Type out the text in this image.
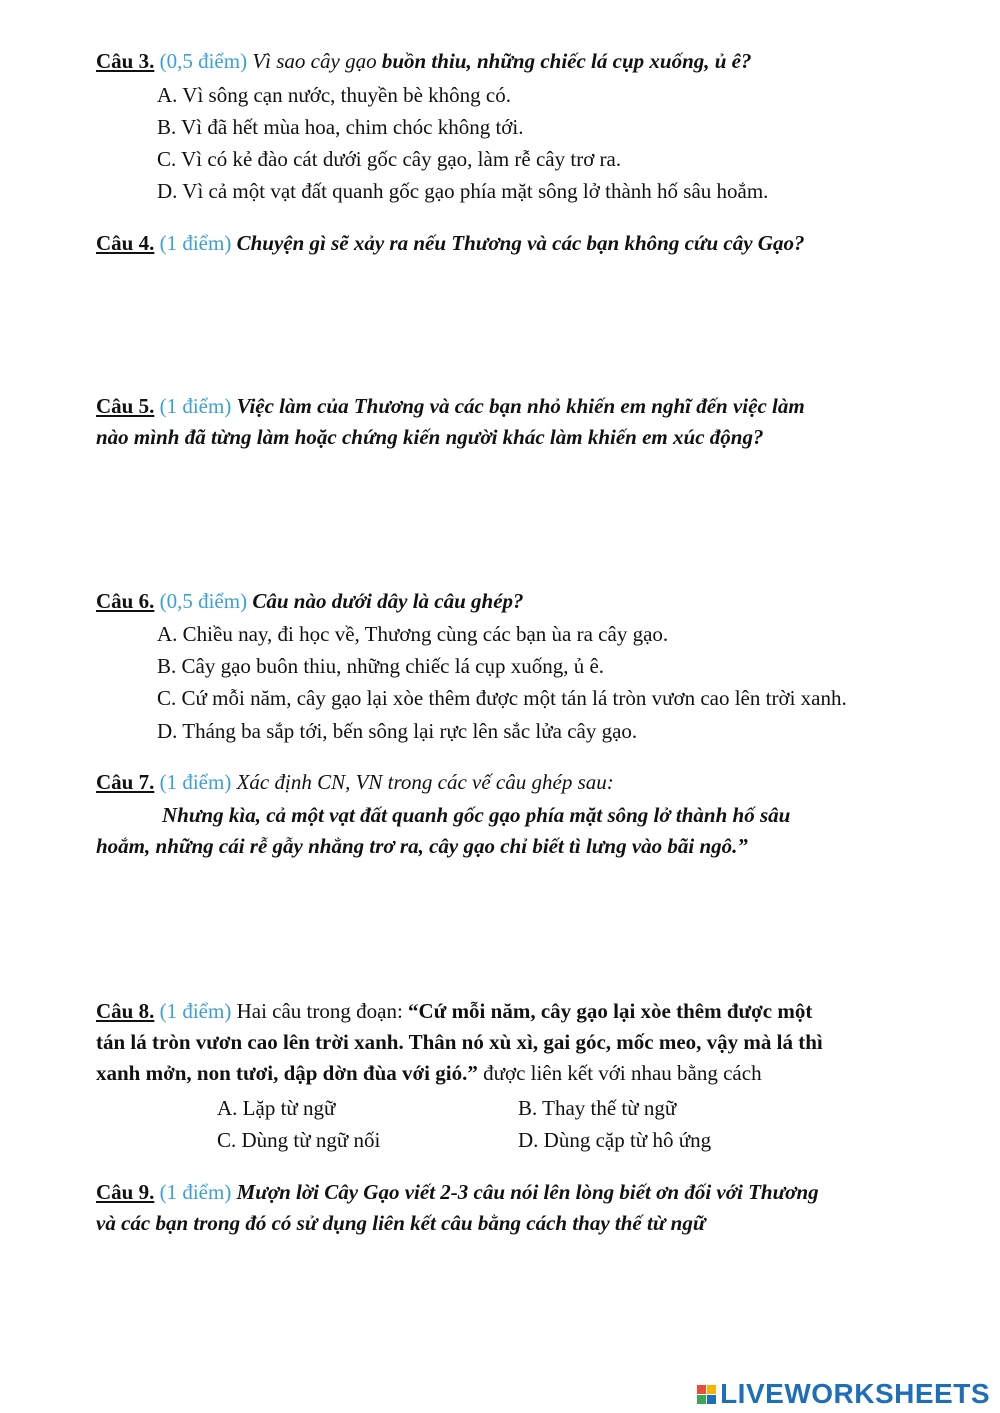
Câu 3. (0,5 điểm) Vì sao cây gạo buồn thiu, những chiếc lá cụp xuống, ủ ê?
A. Vì sông cạn nước, thuyền bè không có.
B. Vì đã hết mùa hoa, chim chóc không tới.
C. Vì có kẻ đào cát dưới gốc cây gạo, làm rễ cây trơ ra.
D. Vì cả một vạt đất quanh gốc gạo phía mặt sông lở thành hố sâu hoắm.
Câu 4. (1 điểm) Chuyện gì sẽ xảy ra nếu Thương và các bạn không cứu cây Gạo?
Câu 5. (1 điểm) Việc làm của Thương và các bạn nhỏ khiến em nghĩ đến việc làm
nào mình đã từng làm hoặc chứng kiến người khác làm khiến em xúc động?
Câu 6. (0,5 điểm) Câu nào dưới dây là câu ghép?
A. Chiều nay, đi học về, Thương cùng các bạn ùa ra cây gạo.
B. Cây gạo buôn thiu, những chiếc lá cụp xuống, ủ ê.
C. Cứ mỗi năm, cây gạo lại xòe thêm được một tán lá tròn vươn cao lên trời xanh.
D. Tháng ba sắp tới, bến sông lại rực lên sắc lửa cây gạo.
Câu 7. (1 điểm) Xác định CN, VN trong các vế câu ghép sau:
Nhưng kìa, cả một vạt đất quanh gốc gạo phía mặt sông lở thành hố sâu
hoắm, những cái rễ gẫy nhẳng trơ ra, cây gạo chỉ biết tì lưng vào bãi ngô.”
Câu 8. (1 điểm) Hai câu trong đoạn: “Cứ mỗi năm, cây gạo lại xòe thêm được một
tán lá tròn vươn cao lên trời xanh. Thân nó xù xì, gai góc, mốc meo, vậy mà lá thì
xanh mởn, non tươi, dập dờn đùa với gió.” được liên kết với nhau bằng cách
A. Lặp từ ngữ	B. Thay thế từ ngữ
C. Dùng từ ngữ nối	D. Dùng cặp từ hô ứng
Câu 9. (1 điểm) Mượn lời Cây Gạo viết 2-3 câu nói lên lòng biết ơn đối với Thương
và các bạn trong đó có sử dụng liên kết câu bằng cách thay thế từ ngữ
LIVEWORKSHEETS
